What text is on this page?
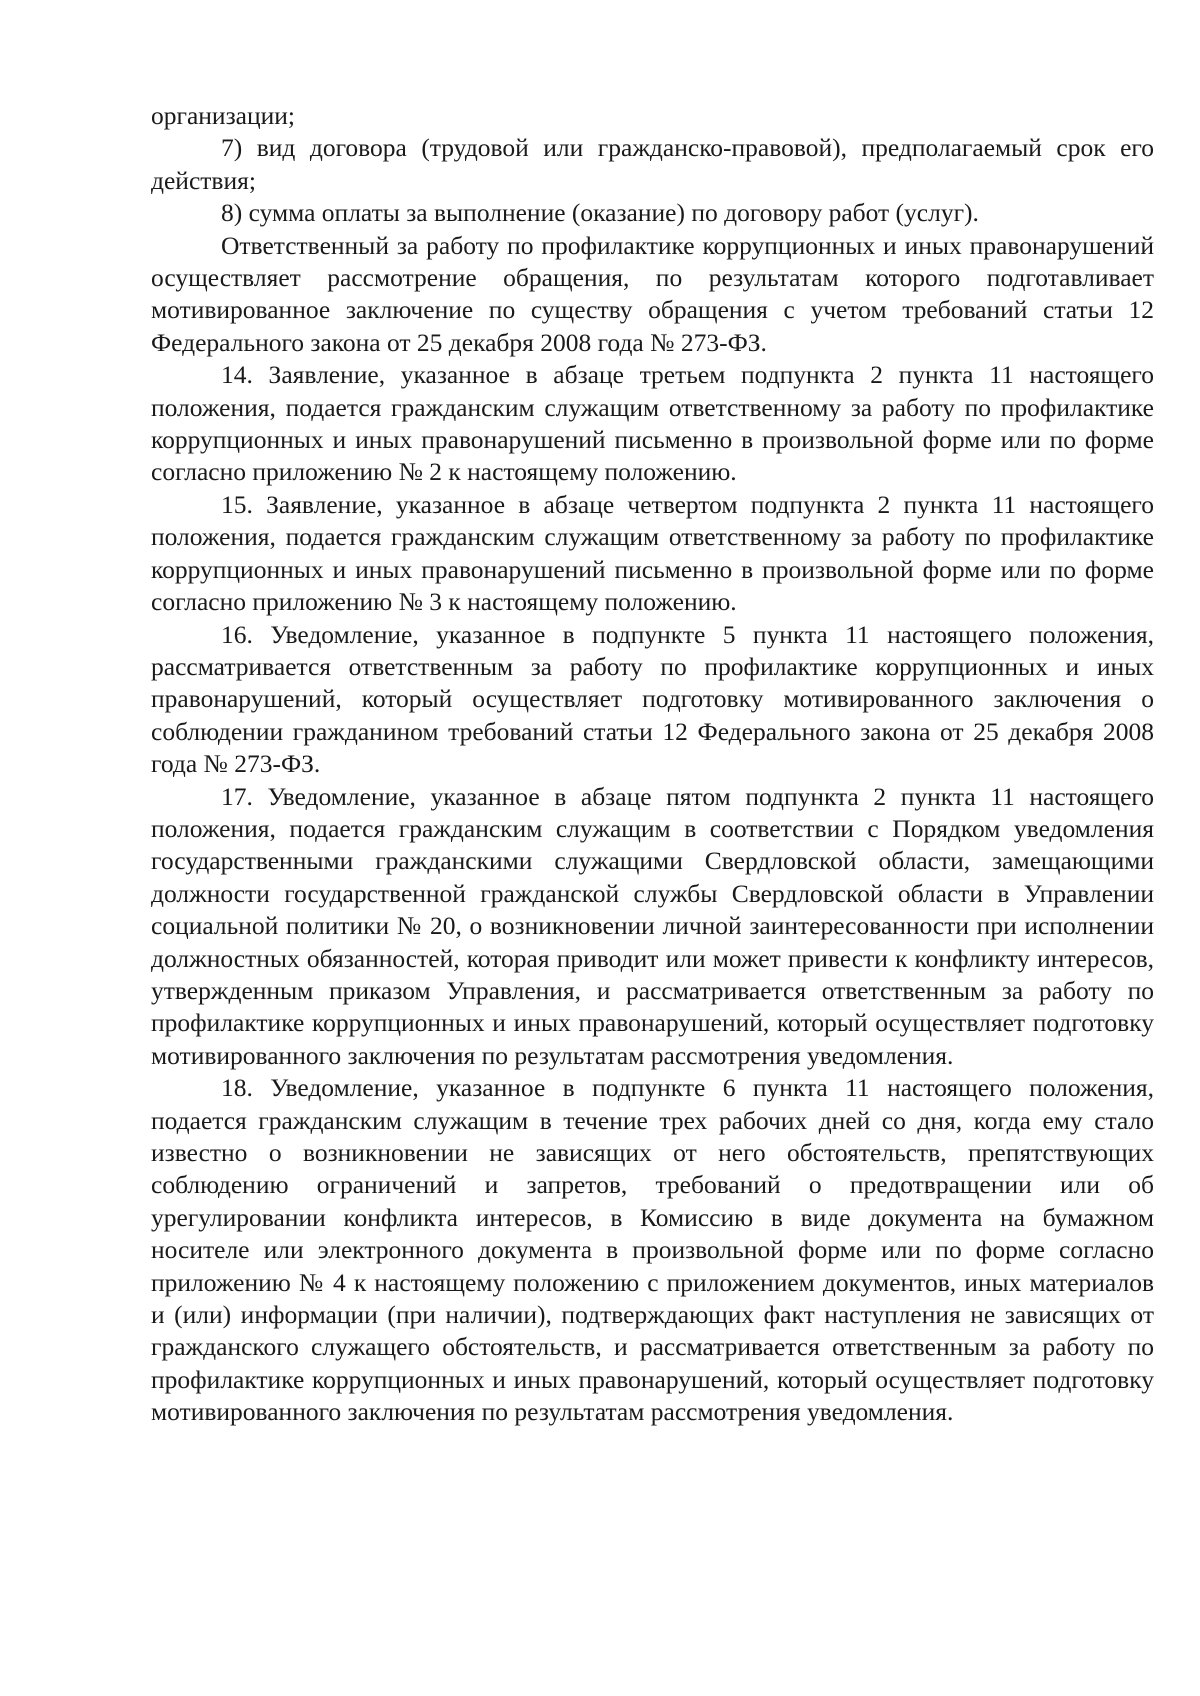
организации;

7) вид договора (трудовой или гражданско-правовой), предполагаемый срок его действия;

8) сумма оплаты за выполнение (оказание) по договору работ (услуг).

Ответственный за работу по профилактике коррупционных и иных правонарушений осуществляет рассмотрение обращения, по результатам которого подготавливает мотивированное заключение по существу обращения с учетом требований статьи 12 Федерального закона от 25 декабря 2008 года № 273-ФЗ.

14. Заявление, указанное в абзаце третьем подпункта 2 пункта 11 настоящего положения, подается гражданским служащим ответственному за работу по профилактике коррупционных и иных правонарушений письменно в произвольной форме или по форме согласно приложению № 2 к настоящему положению.

15. Заявление, указанное в абзаце четвертом подпункта 2 пункта 11 настоящего положения, подается гражданским служащим ответственному за работу по профилактике коррупционных и иных правонарушений письменно в произвольной форме или по форме согласно приложению № 3 к настоящему положению.

16. Уведомление, указанное в подпункте 5 пункта 11 настоящего положения, рассматривается ответственным за работу по профилактике коррупционных и иных правонарушений, который осуществляет подготовку мотивированного заключения о соблюдении гражданином требований статьи 12 Федерального закона от 25 декабря 2008 года № 273-ФЗ.

17. Уведомление, указанное в абзаце пятом подпункта 2 пункта 11 настоящего положения, подается гражданским служащим в соответствии с Порядком уведомления государственными гражданскими служащими Свердловской области, замещающими должности государственной гражданской службы Свердловской области в Управлении социальной политики № 20, о возникновении личной заинтересованности при исполнении должностных обязанностей, которая приводит или может привести к конфликту интересов, утвержденным приказом Управления, и рассматривается ответственным за работу по профилактике коррупционных и иных правонарушений, который осуществляет подготовку мотивированного заключения по результатам рассмотрения уведомления.

18. Уведомление, указанное в подпункте 6 пункта 11 настоящего положения, подается гражданским служащим в течение трех рабочих дней со дня, когда ему стало известно о возникновении не зависящих от него обстоятельств, препятствующих соблюдению ограничений и запретов, требований о предотвращении или об урегулировании конфликта интересов, в Комиссию в виде документа на бумажном носителе или электронного документа в произвольной форме или по форме согласно приложению № 4 к настоящему положению с приложением документов, иных материалов и (или) информации (при наличии), подтверждающих факт наступления не зависящих от гражданского служащего обстоятельств, и рассматривается ответственным за работу по профилактике коррупционных и иных правонарушений, который осуществляет подготовку мотивированного заключения по результатам рассмотрения уведомления.
